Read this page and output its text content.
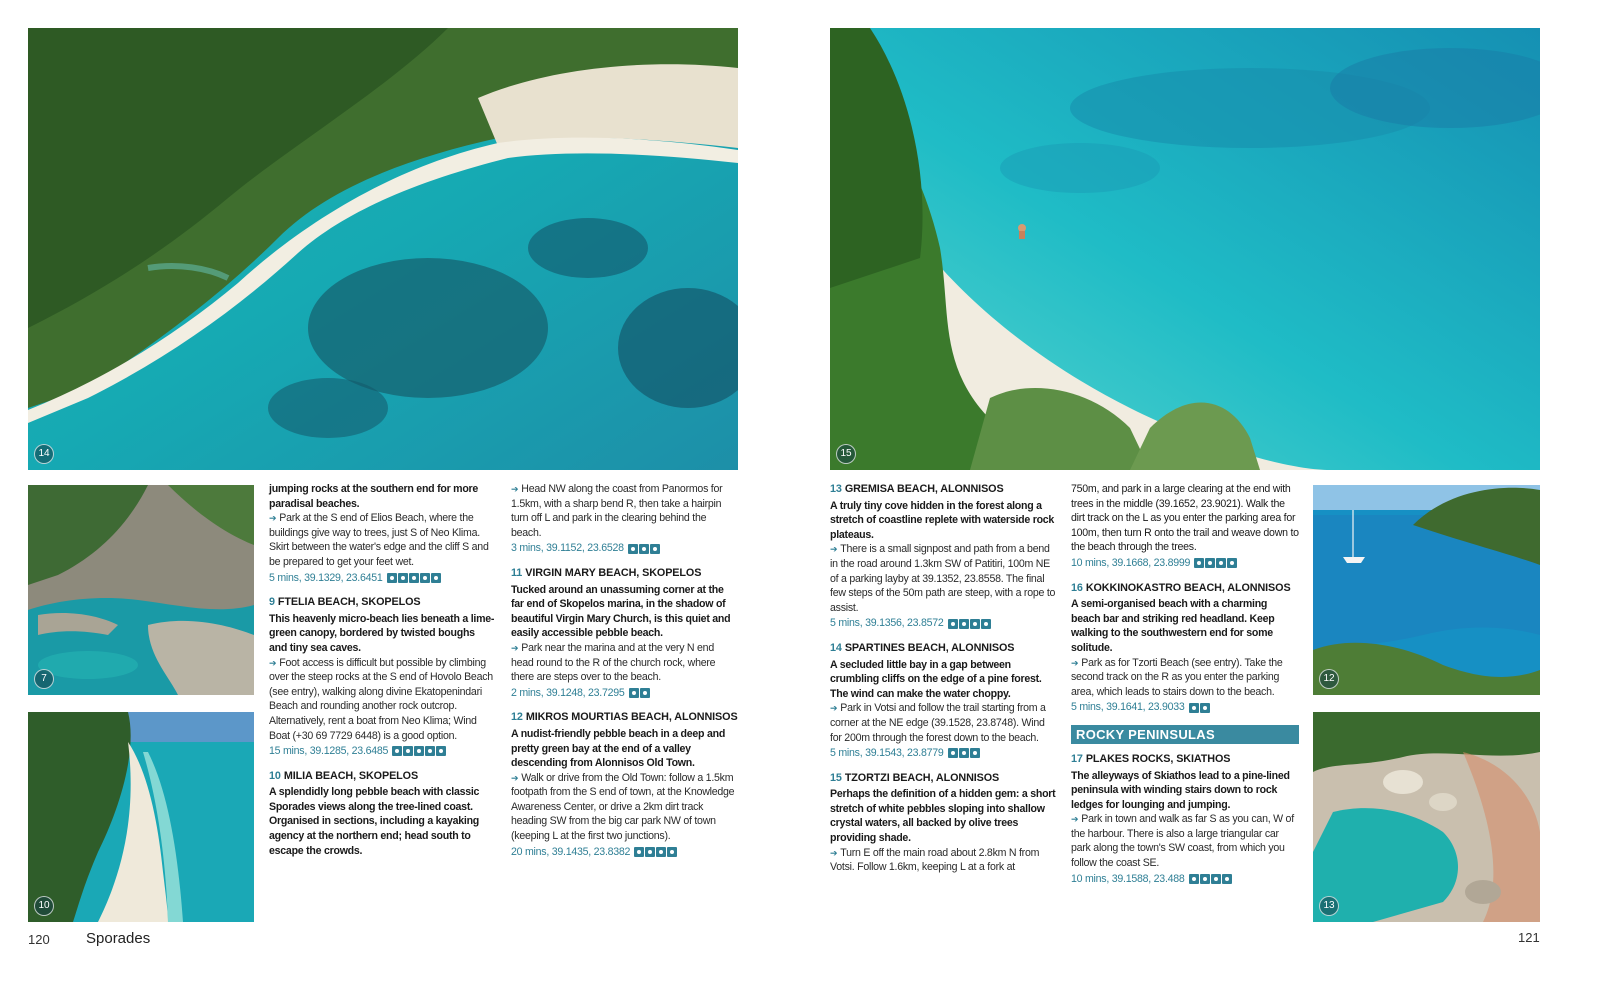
14
7
10
15
12
13

jumping rocks at the southern end for more paradisal beaches.

➔ Park at the S end of Elios Beach, where the buildings give way to trees, just S of Neo Klima. Skirt between the water's edge and the cliff S and be prepared to get your feet wet.

5 mins, 39.1329, 23.6451
9 FTELIA BEACH, SKOPELOS

This heavenly micro-beach lies beneath a lime-green canopy, bordered by twisted boughs and tiny sea caves.

➔ Foot access is difficult but possible by climbing over the steep rocks at the S end of Hovolo Beach (see entry), walking along divine Ekatopenindari Beach and rounding another rock outcrop. Alternatively, rent a boat from Neo Klima; Wind Boat (+30 69 7729 6448) is a good option.

15 mins, 39.1285, 23.6485
10 MILIA BEACH, SKOPELOS

A splendidly long pebble beach with classic Sporades views along the tree-lined coast. Organised in sections, including a kayaking agency at the northern end; head south to escape the crowds.

➔ Head NW along the coast from Panormos for 1.5km, with a sharp bend R, then take a hairpin turn off L and park in the clearing behind the beach.

3 mins, 39.1152, 23.6528
11 VIRGIN MARY BEACH, SKOPELOS

Tucked around an unassuming corner at the far end of Skopelos marina, in the shadow of beautiful Virgin Mary Church, is this quiet and easily accessible pebble beach.

➔ Park near the marina and at the very N end head round to the R of the church rock, where there are steps over to the beach.

2 mins, 39.1248, 23.7295
12 MIKROS MOURTIAS BEACH, ALONNISOS

A nudist-friendly pebble beach in a deep and pretty green bay at the end of a valley descending from Alonnisos Old Town.

➔ Walk or drive from the Old Town: follow a 1.5km footpath from the S end of town, at the Knowledge Awareness Center, or drive a 2km dirt track heading SW from the big car park NW of town (keeping L at the first two junctions).

20 mins, 39.1435, 23.8382
13 GREMISA BEACH, ALONNISOS

A truly tiny cove hidden in the forest along a stretch of coastline replete with waterside rock plateaus.

➔ There is a small signpost and path from a bend in the road around 1.3km SW of Patitiri, 100m NE of a parking layby at 39.1352, 23.8558. The final few steps of the 50m path are steep, with a rope to assist.

5 mins, 39.1356, 23.8572
14 SPARTINES BEACH, ALONNISOS

A secluded little bay in a gap between crumbling cliffs on the edge of a pine forest. The wind can make the water choppy.

➔ Park in Votsi and follow the trail starting from a corner at the NE edge (39.1528, 23.8748). Wind for 200m through the forest down to the beach.

5 mins, 39.1543, 23.8779
15 TZORTZI BEACH, ALONNISOS

Perhaps the definition of a hidden gem: a short stretch of white pebbles sloping into shallow crystal waters, all backed by olive trees providing shade.

➔ Turn E off the main road about 2.8km N from Votsi. Follow 1.6km, keeping L at a fork at

750m, and park in a large clearing at the end with trees in the middle (39.1652, 23.9021). Walk the dirt track on the L as you enter the parking area for 100m, then turn R onto the trail and weave down to the beach through the trees.

10 mins, 39.1668, 23.8999
16 KOKKINOKASTRO BEACH, ALONNISOS

A semi-organised beach with a charming beach bar and striking red headland. Keep walking to the southwestern end for some solitude.

➔ Park as for Tzorti Beach (see entry). Take the second track on the R as you enter the parking area, which leads to stairs down to the beach.

5 mins, 39.1641, 23.9033
ROCKY PENINSULAS
17 PLAKES ROCKS, SKIATHOS

The alleyways of Skiathos lead to a pine-lined peninsula with winding stairs down to rock ledges for lounging and jumping.

➔ Park in town and walk as far S as you can, W of the harbour. There is also a large triangular car park along the town's SW coast, from which you follow the coast SE.

10 mins, 39.1588, 23.488
120 Sporades	121
